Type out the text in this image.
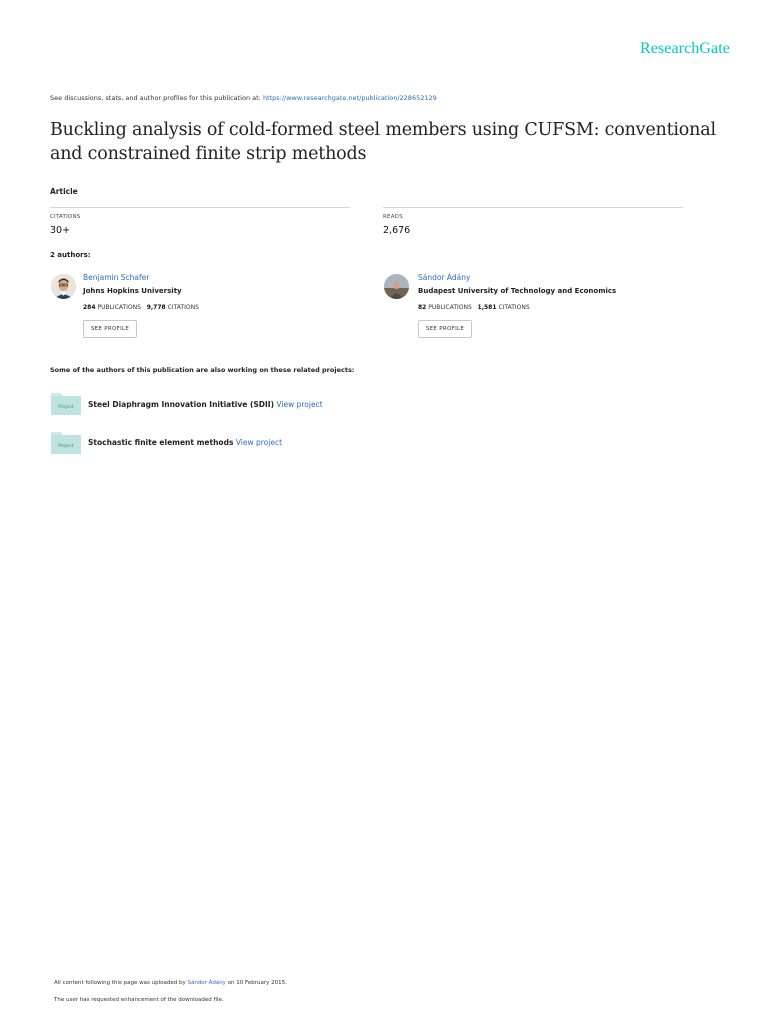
ResearchGate
See discussions, stats, and author profiles for this publication at: https://www.researchgate.net/publication/228652129
Buckling analysis of cold-formed steel members using CUFSM: conventional and constrained finite strip methods
Article
CITATIONS
30+
READS
2,676
2 authors:
Benjamin Schafer
Johns Hopkins University
284 PUBLICATIONS 9,778 CITATIONS
SEE PROFILE
Sándor Ádány
Budapest University of Technology and Economics
82 PUBLICATIONS 1,581 CITATIONS
SEE PROFILE
Some of the authors of this publication are also working on these related projects:
Project Steel Diaphragm Innovation Initiative (SDII) View project
Project Stochastic finite element methods View project
All content following this page was uploaded by Sándor Ádány on 10 February 2015.
The user has requested enhancement of the downloaded file.
